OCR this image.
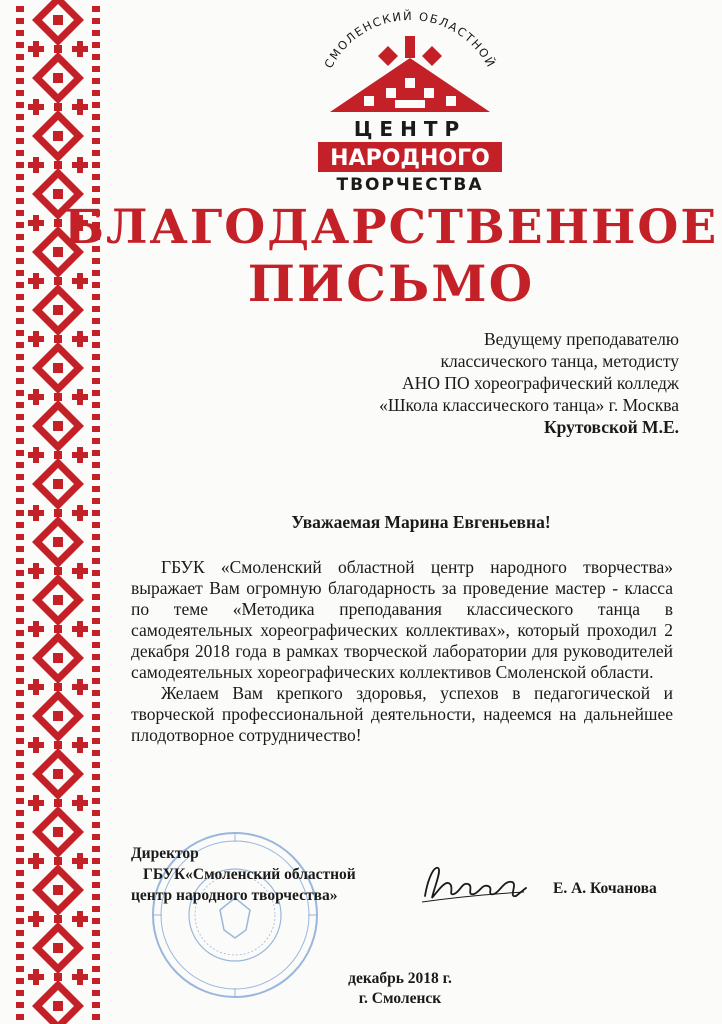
СМОЛЕНСКИЙ ОБЛАСТНОЙ
ЦЕНТР
НАРОДНОГО
ТВОРЧЕСТВА
БЛАГОДАРСТВЕННОЕ
ПИСЬМО
Ведущему преподавателю
классического танца, методисту
АНО ПО хореографический колледж
«Школа классического танца» г. Москва
Крутовской М.Е.
Уважаемая Марина Евгеньевна!

ГБУК «Смоленский областной центр народного творчества» выражает Вам огромную благодарность за проведение мастер - класса по теме «Методика преподавания классического танца в самодеятельных хореографических коллективах», который проходил 2 декабря 2018 года в рамках творческой лаборатории для руководителей самодеятельных хореографических коллективов Смоленской области.

Желаем Вам крепкого здоровья, успехов в педагогической и творческой профессиональной деятельности, надеемся на дальнейшее плодотворное сотрудничество!

Директор
ГБУК«Смоленский областной
центр народного творчества»	Е. А. Кочанова
декабрь 2018 г.
г. Смоленск
